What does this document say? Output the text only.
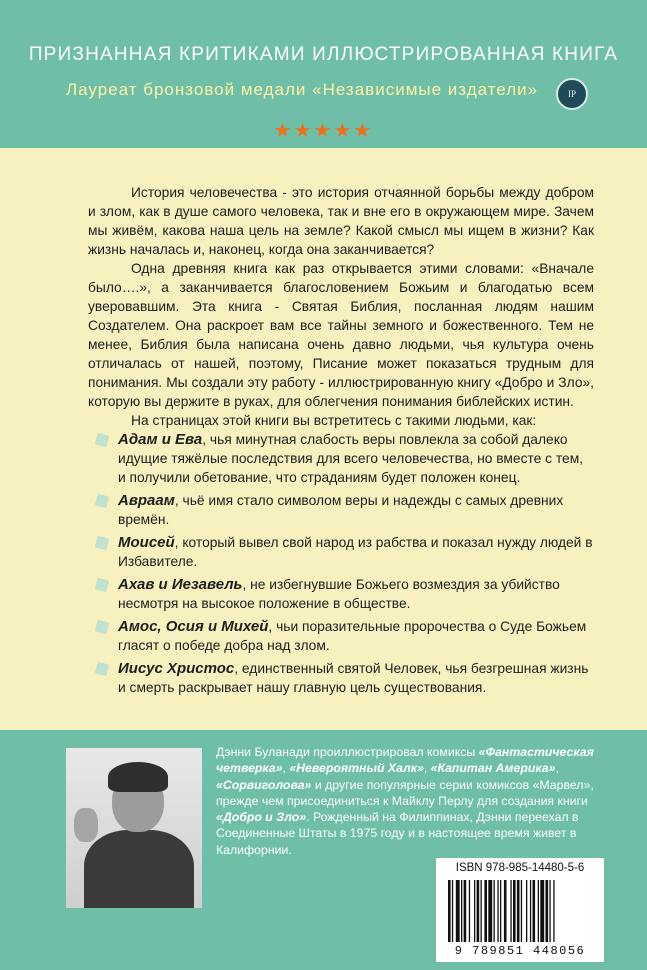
ПРИЗНАННАЯ КРИТИКАМИ ИЛЛЮСТРИРОВАННАЯ КНИГА
Лауреат бронзовой медали «Независимые издатели»	IP
★★★★★

История человечества - это история отчаянной борьбы между добром и злом, как в душе самого человека, так и вне его в окружающем мире. Зачем мы живём, какова наша цель на земле? Какой смысл мы ищем в жизни? Как жизнь началась и, наконец, когда она заканчивается?

Одна древняя книга как раз открывается этими словами: «Вначале было….», а заканчивается благословением Божьим и благодатью всем уверовавшим. Эта книга - Святая Библия, посланная людям нашим Создателем. Она раскроет вам все тайны земного и божественного. Тем не менее, Библия была написана очень давно людьми, чья культура очень отличалась от нашей, поэтому, Писание может показаться трудным для понимания. Мы создали эту работу - иллюстрированную книгу «Добро и Зло», которую вы держите в руках, для облегчения понимания библейских истин.

На страницах этой книги вы встретитесь с такими людьми, как:

Адам и Ева, чья минутная слабость веры повлекла за собой далеко идущие тяжёлые последствия для всего человечества, но вместе с тем, и получили обетование, что страданиям будет положен конец.
Авраам, чьё имя стало символом веры и надежды с самых древних времён.
Моисей, который вывел свой народ из рабства и показал нужду людей в Избавителе.
Ахав и Иезавель, не избегнувшие Божьего возмездия за убийство несмотря на высокое положение в обществе.
Амос, Осия и Михей, чьи поразительные пророчества о Суде Божьем гласят о победе добра над злом.
Иисус Христос, единственный святой Человек, чья безгрешная жизнь и смерть раскрывает нашу главную цель существования.
Дэнни Буланади проиллюстрировал комиксы «Фантастическая четверка», «Невероятный Халк», «Капитан Америка», «Сорвиголова» и другие популярные серии комиксов «Марвел», прежде чем присоединиться к Майклу Перлу для создания книги «Добро и Зло». Рожденный на Филиппинах, Дэнни переехал в Соединенные Штаты в 1975 году и в настоящее время живет в Калифорнии.
ISBN 978-985-14480-5-6
9 789851 448056
